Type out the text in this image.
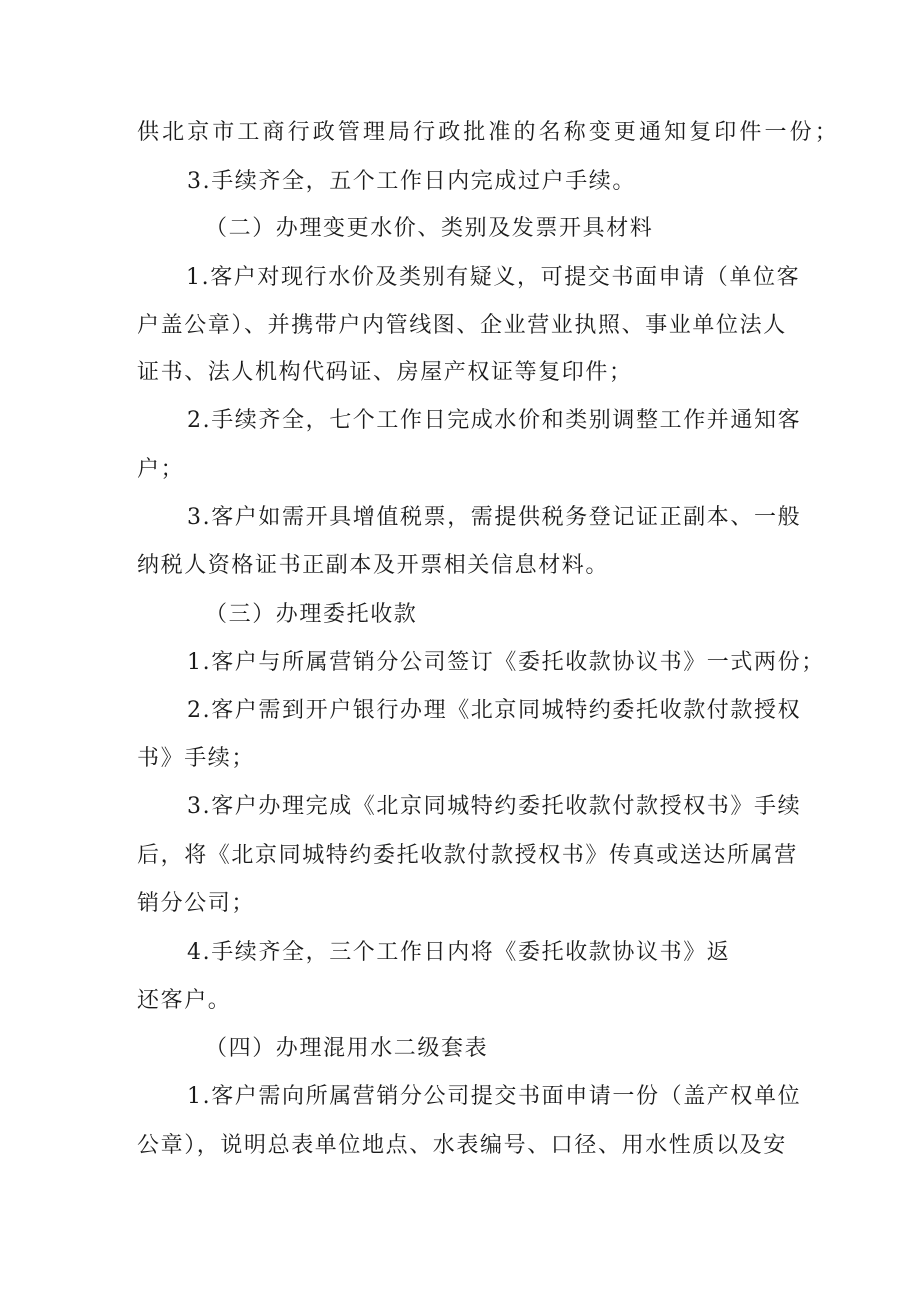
供北京市工商行政管理局行政批准的名称变更通知复印件一份；
3.手续齐全，五个工作日内完成过户手续。
（二）办理变更水价、类别及发票开具材料
1.客户对现行水价及类别有疑义，可提交书面申请（单位客
户盖公章）、并携带户内管线图、企业营业执照、事业单位法人
证书、法人机构代码证、房屋产权证等复印件；
2.手续齐全，七个工作日完成水价和类别调整工作并通知客
户；
3.客户如需开具增值税票，需提供税务登记证正副本、一般
纳税人资格证书正副本及开票相关信息材料。
（三）办理委托收款
1.客户与所属营销分公司签订《委托收款协议书》一式两份；
2.客户需到开户银行办理《北京同城特约委托收款付款授权
书》手续；
3.客户办理完成《北京同城特约委托收款付款授权书》手续
后，将《北京同城特约委托收款付款授权书》传真或送达所属营
销分公司；
4.手续齐全，三个工作日内将《委托收款协议书》返
还客户。
（四）办理混用水二级套表
1.客户需向所属营销分公司提交书面申请一份（盖产权单位
公章），说明总表单位地点、水表编号、口径、用水性质以及安
